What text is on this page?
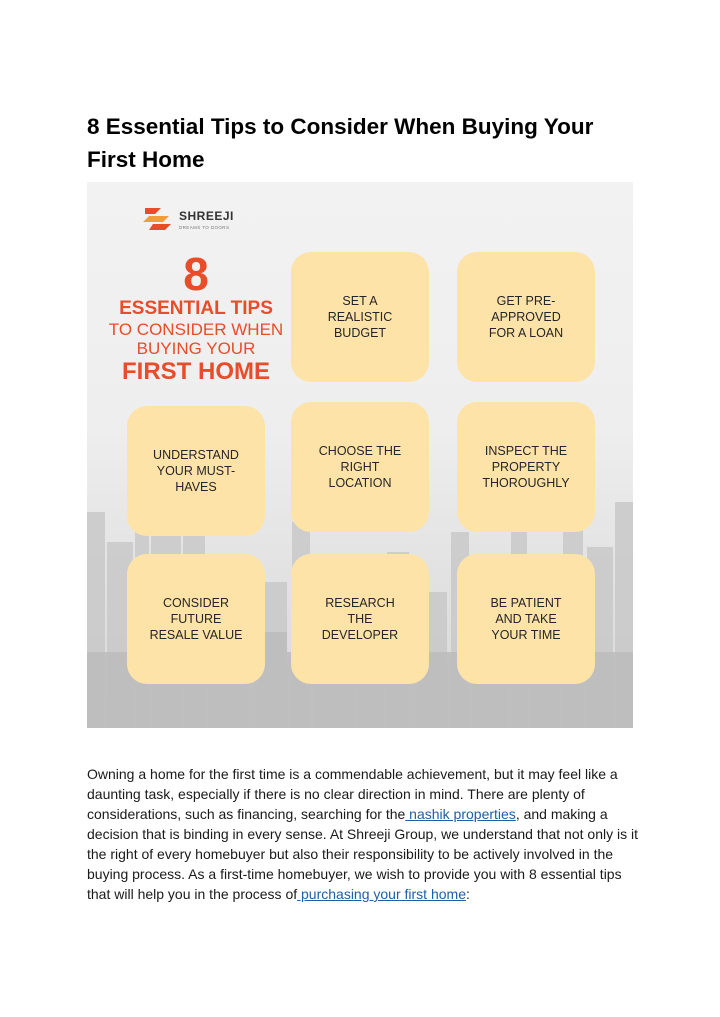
8 Essential Tips to Consider When Buying Your First Home

SHREEJI

DREAMS TO DOORS

8

ESSENTIAL TIPS

TO CONSIDER WHEN

BUYING YOUR

FIRST HOME

SET A REALISTIC BUDGET
GET PRE-APPROVED FOR A LOAN
UNDERSTAND YOUR MUST-HAVES
CHOOSE THE RIGHT LOCATION
INSPECT THE PROPERTY THOROUGHLY
CONSIDER FUTURE RESALE VALUE
RESEARCH THE DEVELOPER
BE PATIENT AND TAKE YOUR TIME

Owning a home for the first time is a commendable achievement, but it may feel like a daunting task, especially if there is no clear direction in mind. There are plenty of considerations, such as financing, searching for the nashik properties, and making a decision that is binding in every sense. At Shreeji Group, we understand that not only is it the right of every homebuyer but also their responsibility to be actively involved in the buying process. As a first-time homebuyer, we wish to provide you with 8 essential tips that will help you in the process of purchasing your first home:
